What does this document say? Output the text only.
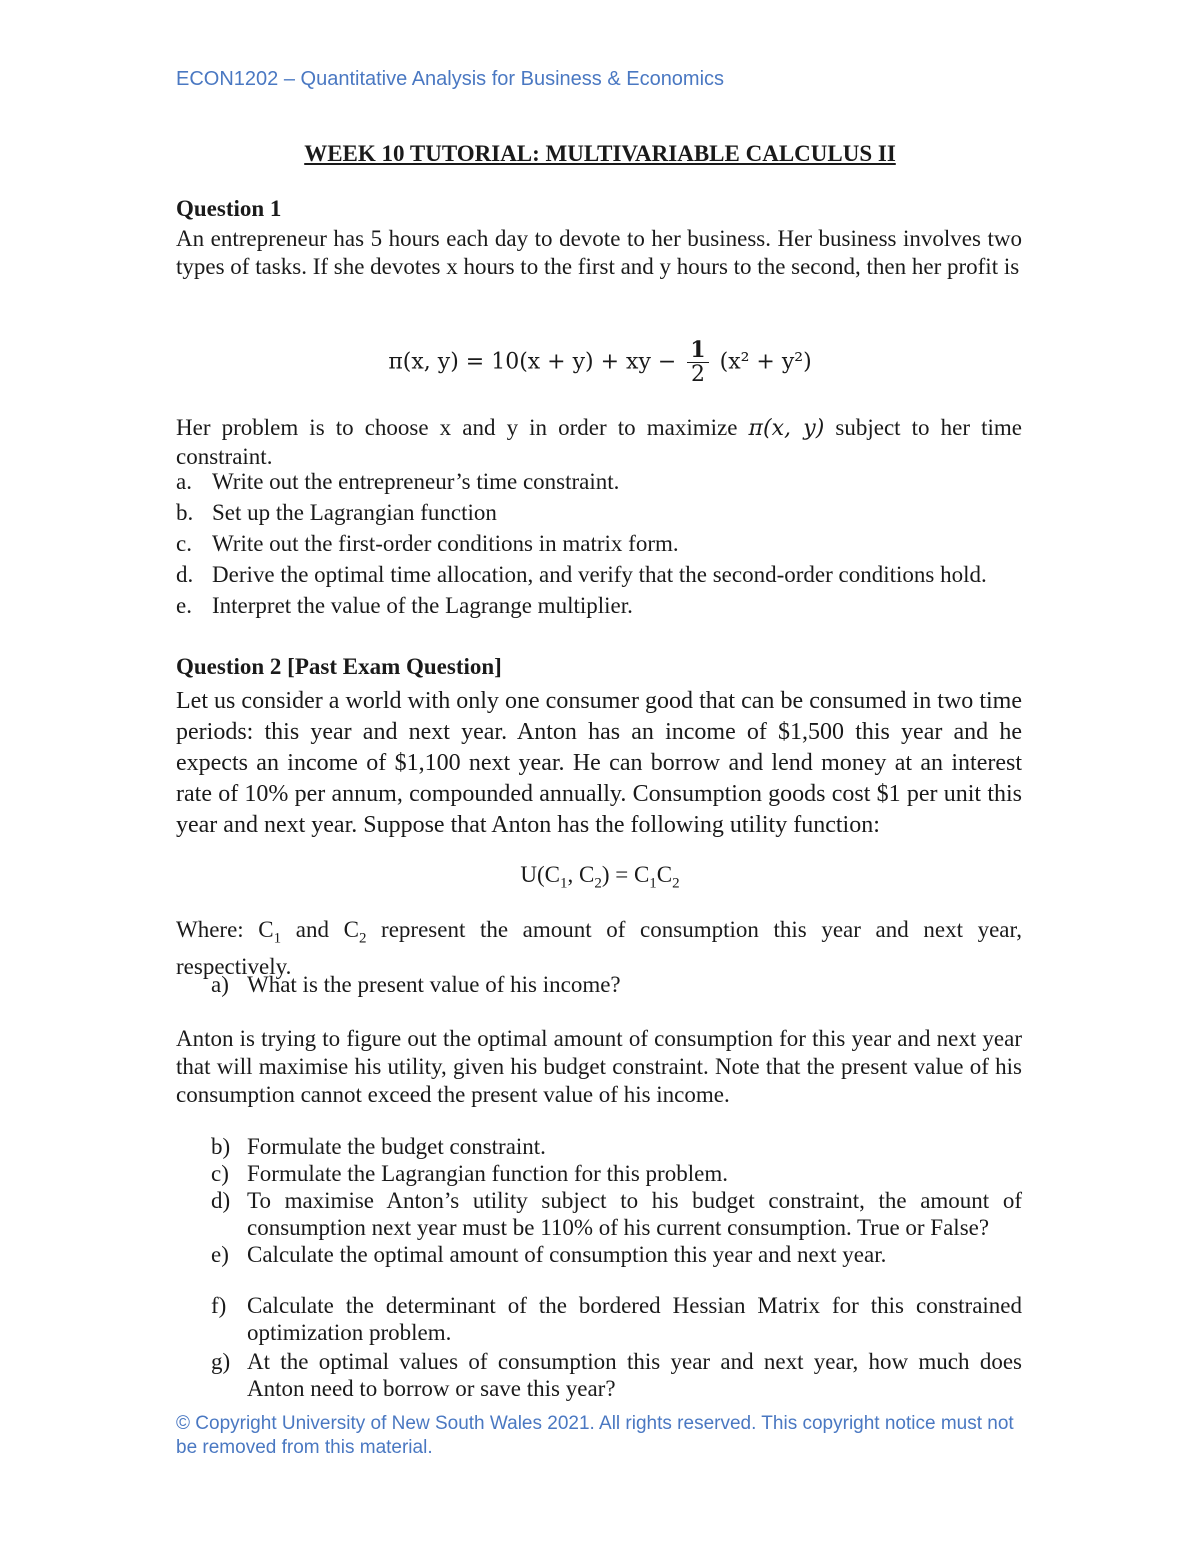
ECON1202 – Quantitative Analysis for Business & Economics
WEEK 10 TUTORIAL: MULTIVARIABLE CALCULUS II
Question 1
An entrepreneur has 5 hours each day to devote to her business. Her business involves two types of tasks. If she devotes x hours to the first and y hours to the second, then her profit is
π(x, y) = 10(x + y) + xy − $\frac{1}{2} (x^2 + y^2)$
Her problem is to choose x and y in order to maximize π(x, y) subject to her time constraint.
a. Write out the entrepreneur’s time constraint.
b. Set up the Lagrangian function
c. Write out the first-order conditions in matrix form.
d. Derive the optimal time allocation, and verify that the second-order conditions hold.
e. Interpret the value of the Lagrange multiplier.
Question 2 [Past Exam Question]
Let us consider a world with only one consumer good that can be consumed in two time periods: this year and next year. Anton has an income of $1,500 this year and he expects an income of $1,100 next year. He can borrow and lend money at an interest rate of 10% per annum, compounded annually. Consumption goods cost $1 per unit this year and next year. Suppose that Anton has the following utility function:
$U(C_1$, $C_2) = C_1C_2$
Where: $C_1$ and $C_2$ represent the amount of consumption this year and next year, respectively.
a) What is the present value of his income?
Anton is trying to figure out the optimal amount of consumption for this year and next year that will maximise his utility, given his budget constraint. Note that the present value of his consumption cannot exceed the present value of his income.
b) Formulate the budget constraint.
c) Formulate the Lagrangian function for this problem.
d) To maximise Anton’s utility subject to his budget constraint, the amount of consumption next year must be 110% of his current consumption. True or False?
e) Calculate the optimal amount of consumption this year and next year.
f) Calculate the determinant of the bordered Hessian Matrix for this constrained optimization problem.
g) At the optimal values of consumption this year and next year, how much does Anton need to borrow or save this year?
© Copyright University of New South Wales 2021. All rights reserved. This copyright notice must not be removed from this material.
